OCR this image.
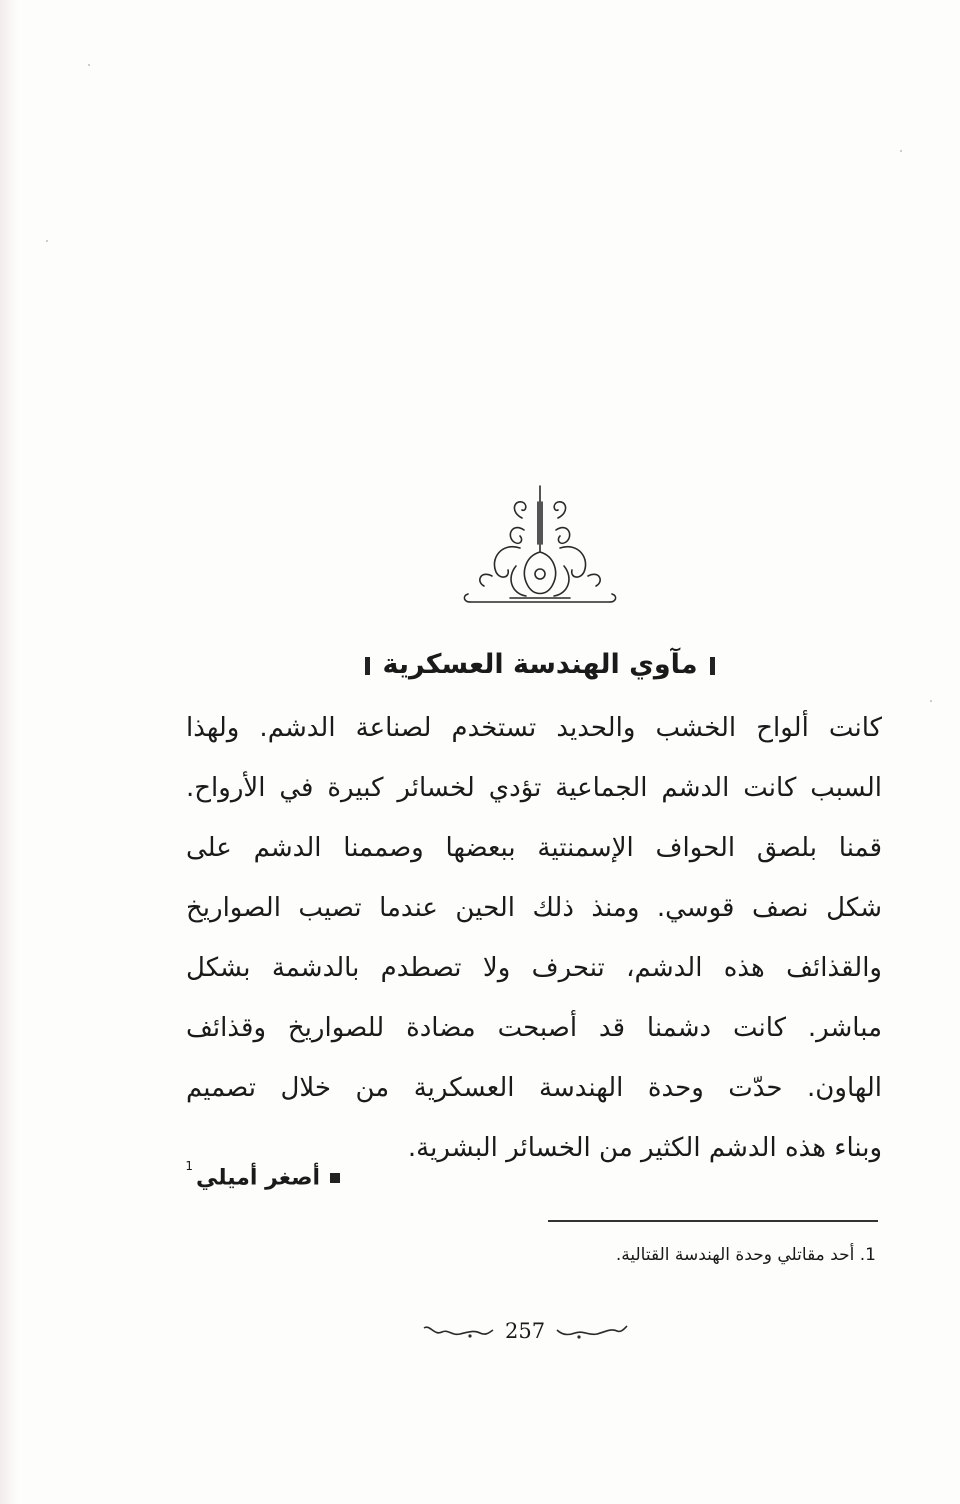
مآوي الهندسة العسكرية
كانت ألواح الخشب والحديد تستخدم لصناعة الدشم. ولهذا
السبب كانت الدشم الجماعية تؤدي لخسائر كبيرة في الأرواح.
قمنا بلصق الحواف الإسمنتية ببعضها وصممنا الدشم على
شكل نصف قوسي. ومنذ ذلك الحين عندما تصيب الصواريخ
والقذائف هذه الدشم، تنحرف ولا تصطدم بالدشمة بشكل
مباشر. كانت دشمنا قد أصبحت مضادة للصواريخ وقذائف
الهاون. حدّت وحدة الهندسة العسكرية من خلال تصميم
وبناء هذه الدشم الكثير من الخسائر البشرية.
أصغر أميلي$^1$
1. أحد مقاتلي وحدة الهندسة القتالية.
257
